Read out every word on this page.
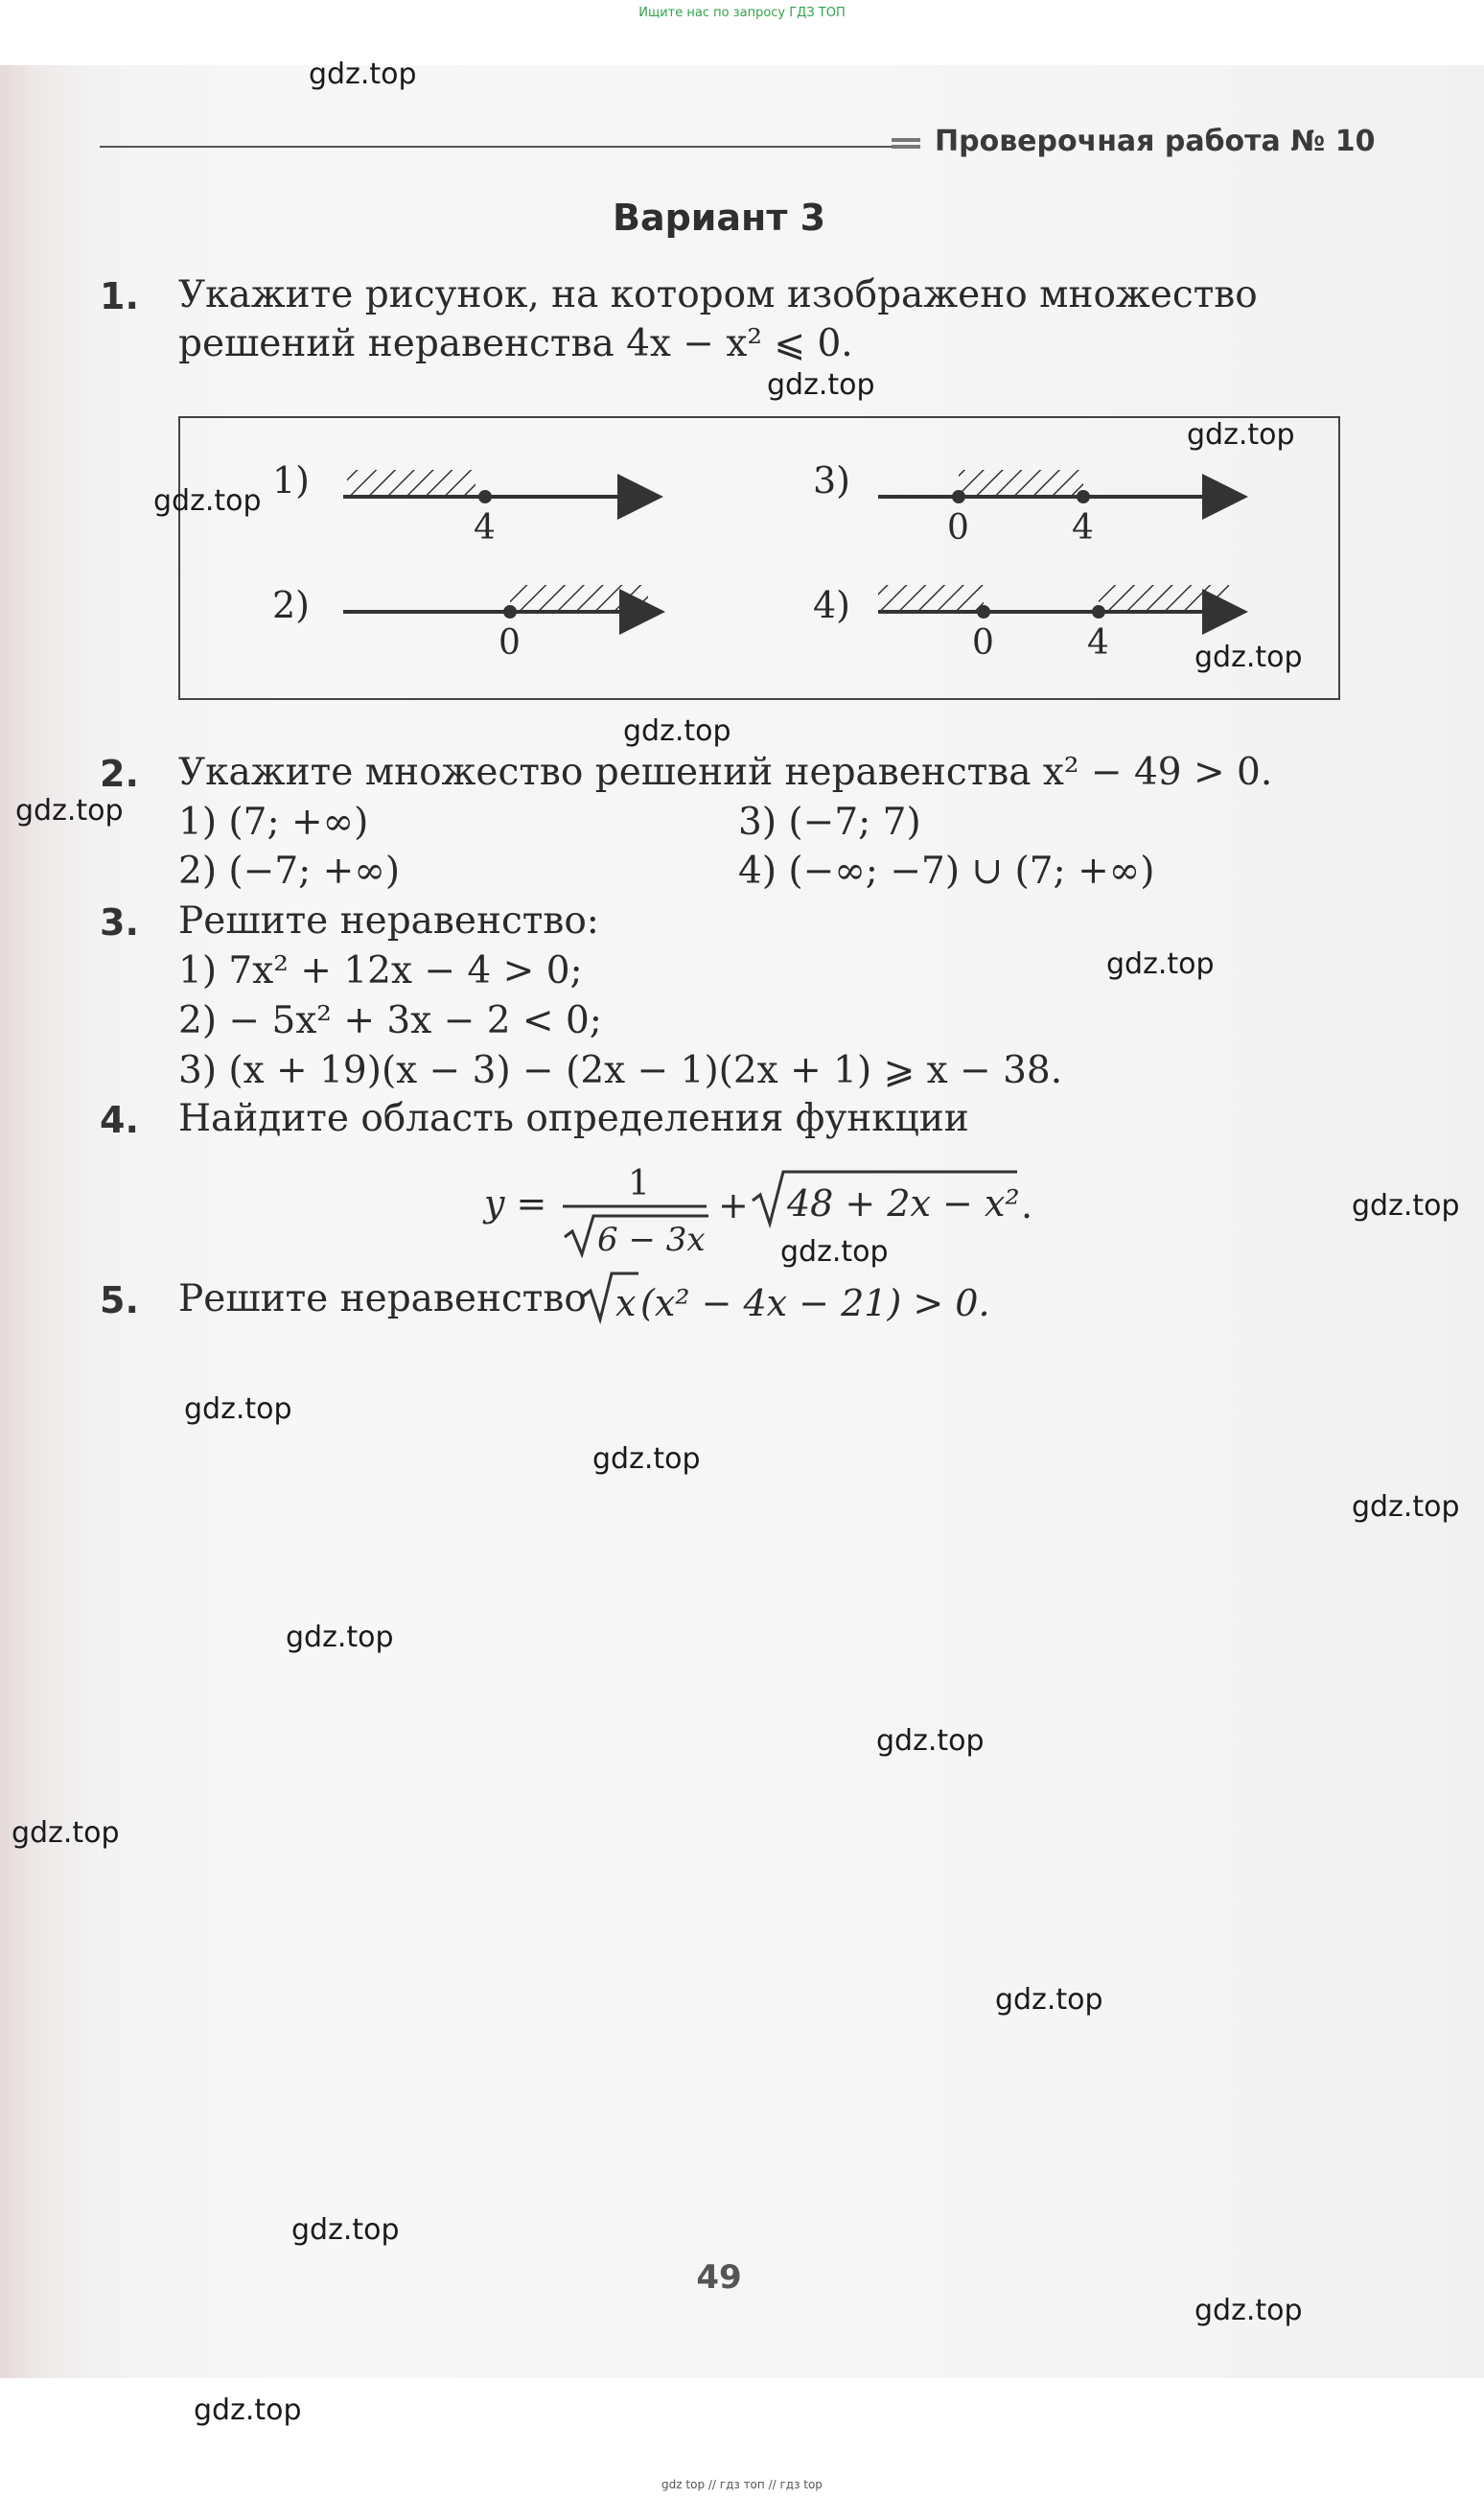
Ищите нас по запросу ГДЗ ТОП
Проверочная работа № 10
Вариант 3
1. Укажите рисунок, на котором изображено множество
решений неравенства 4x − x² ⩽ 0.
1)
4
2)
0
3)
0	4
4)
0	4
2. Укажите множество решений неравенства x² − 49 > 0.
1) (7; +∞)	3) (−7; 7)
2) (−7; +∞)	4) (−∞; −7) ∪ (7; +∞)
3. Решите неравенство:
1) 7x² + 12x − 4 > 0;
2) − 5x² + 3x − 2 < 0;
3) (x + 19)(x − 3) − (2x − 1)(2x + 1) ⩾ x − 38.
4. Найдите область определения функции
y = 1
6 − 3x
+ 48 + 2x − x² .
5. Решите неравенство x (x² − 4x − 21) > 0.
49
gdz.top
gdz.top
gdz.top
gdz.top
gdz.top
gdz.top
gdz.top
gdz.top
gdz.top
gdz.top
gdz.top
gdz.top
gdz.top
gdz.top
gdz.top
gdz.top
gdz.top
gdz.top
gdz.top
gdz.top
gdz top // гдз топ // гдз top
